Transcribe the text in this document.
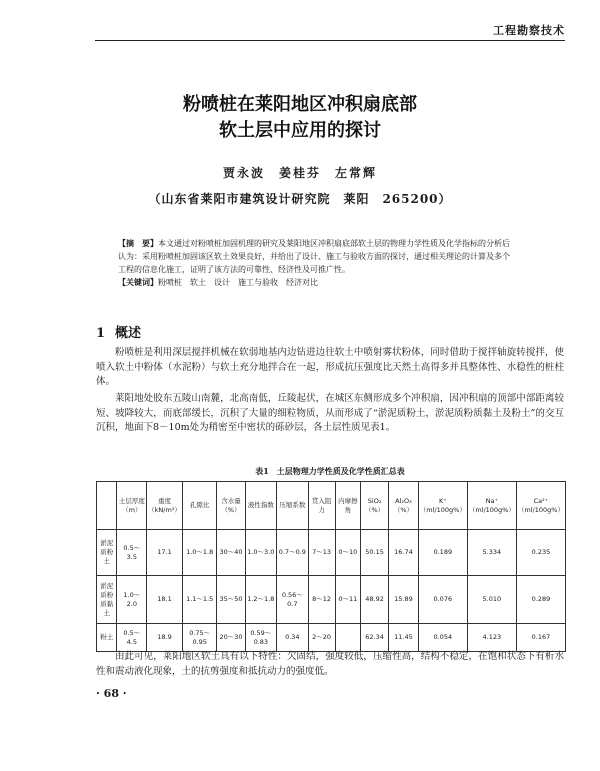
工程勘察技术
粉喷桩在莱阳地区冲积扇底部
软土层中应用的探讨
贾永波　姜桂芬　左常辉
（山东省莱阳市建筑设计研究院　莱阳　265200）
【摘　要】本文通过对粉喷桩加固机理的研究及莱阳地区冲积扇底部软土层的物理力学性质及化学指标的分析后认为：采用粉喷桩加固该区软土效果良好，并给出了设计、施工与验收方面的探讨，通过相关理论的计算及多个工程的信息化施工，证明了该方法的可靠性、经济性及可推广性。
【关键词】粉喷桩　软土　设计　施工与验收　经济对比
1 概述
粉喷桩是利用深层搅拌机械在软弱地基内边钻进边往软土中喷射雾状粉体，同时借助于搅拌轴旋转搅拌，使喷入软土中粉体（水泥粉）与软土充分地拌合在一起，形成抗压强度比天然土高得多并具整体性、水稳性的桩柱体。
莱阳地处胶东五陵山南麓，北高南低，丘陵起伏，在城区东侧形成多个冲积扇，因冲积扇的顶部中部距离较短、坡降较大，而底部缓长，沉积了大量的细粒物质，从而形成了“淤泥质粉土，淤泥质粉质黏土及粉土”的交互沉积，地面下8－10m处为稍密至中密状的砾砂层，各土层性质见表1。
表1　土层物理力学性质及化学性质汇总表
	土层厚度（m）	重度（kN/m³）	孔隙比	含水量（%）	液性指数	压缩系数	贯入阻力	内摩擦角	SiO₂（%）	Al₂O₃（%）	K⁺（ml/100g%）	Na⁺（ml/100g%）	Ca²⁺（ml/100g%）
淤泥质粉土	0.5～3.5	17.1	1.0～1.8	30～40	1.0～3.0	0.7～0.9	7～13	0～10	50.15	16.74	0.189	5.334	0.235
淤泥质粉质黏土	1.0～2.0	18.1	1.1～1.5	35～50	1.2～1.8	0.56～0.7	8～12	0～11	48.92	15.89	0.076	5.010	0.289
粉土	0.5～4.5	18.9	0.75～0.95	20～30	0.59～0.83	0.34	2～20		62.34	11.45	0.054	4.123	0.167
由此可见，莱阳地区软土具有以下特性：欠固结，强度较低，压缩性高，结构不稳定，在饱和状态下有析水性和震动液化现象，土的抗剪强度和抵抗动力的强度低。
· 68 ·
